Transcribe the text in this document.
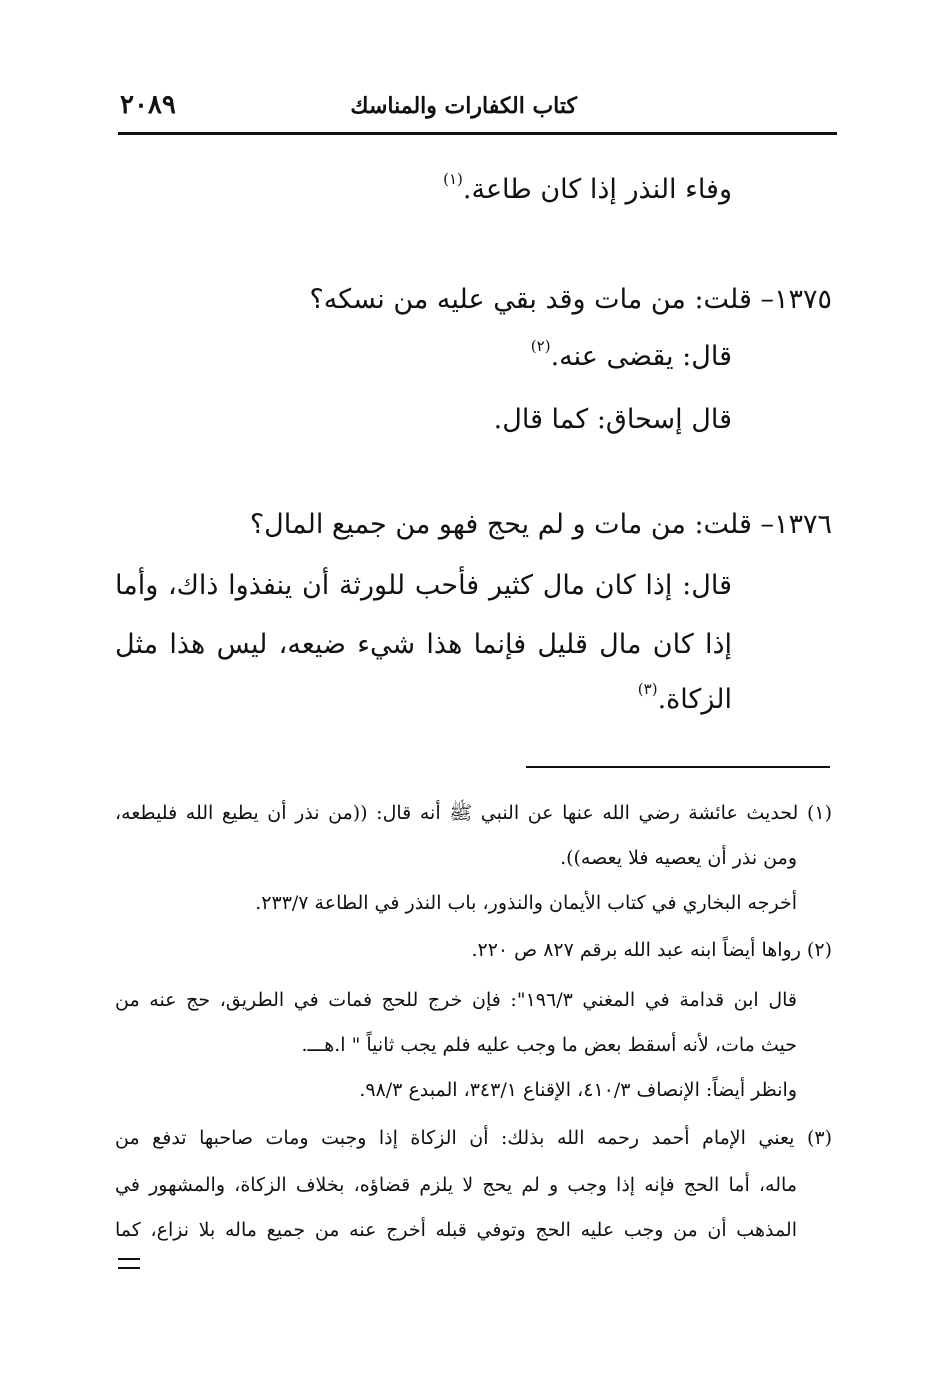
٢٠٨٩	كتاب الكفارات والمناسك
وفاء النذر إذا كان طاعة.$^{(١)}$
١٣٧٥– قلت: من مات وقد بقي عليه من نسكه؟
قال: يقضى عنه.$^{(٢)}$
قال إسحاق: كما قال.
١٣٧٦– قلت: من مات و لم يحج فهو من جميع المال؟
قال: إذا كان مال كثير فأحب للورثة أن ينفذوا ذاك، وأما
إذا كان مال قليل فإنما هذا شيء ضيعه، ليس هذا مثل
الزكاة.$^{(٣)}$
(١) لحديث عائشة رضي الله عنها عن النبي ﷺ أنه قال: ((من نذر أن يطيع الله فليطعه،
ومن نذر أن يعصيه فلا يعصه)).
أخرجه البخاري في كتاب الأيمان والنذور، باب النذر في الطاعة ٢٣٣/٧.
(٢) رواها أيضاً ابنه عبد الله برقم ٨٢٧ ص ٢٢٠.
قال ابن قدامة في المغني ١٩٦/٣": فإن خرج للحج فمات في الطريق، حج عنه من
حيث مات، لأنه أسقط بعض ما وجب عليه فلم يجب ثانياً " ا.هـــ.
وانظر أيضاً: الإنصاف ٤١٠/٣، الإقناع ٣٤٣/١، المبدع ٩٨/٣.
(٣) يعني الإمام أحمد رحمه الله بذلك: أن الزكاة إذا وجبت ومات صاحبها تدفع من
ماله، أما الحج فإنه إذا وجب و لم يحج لا يلزم قضاؤه، بخلاف الزكاة، والمشهور في
المذهب أن من وجب عليه الحج وتوفي قبله أخرج عنه من جميع ماله بلا نزاع، كما
